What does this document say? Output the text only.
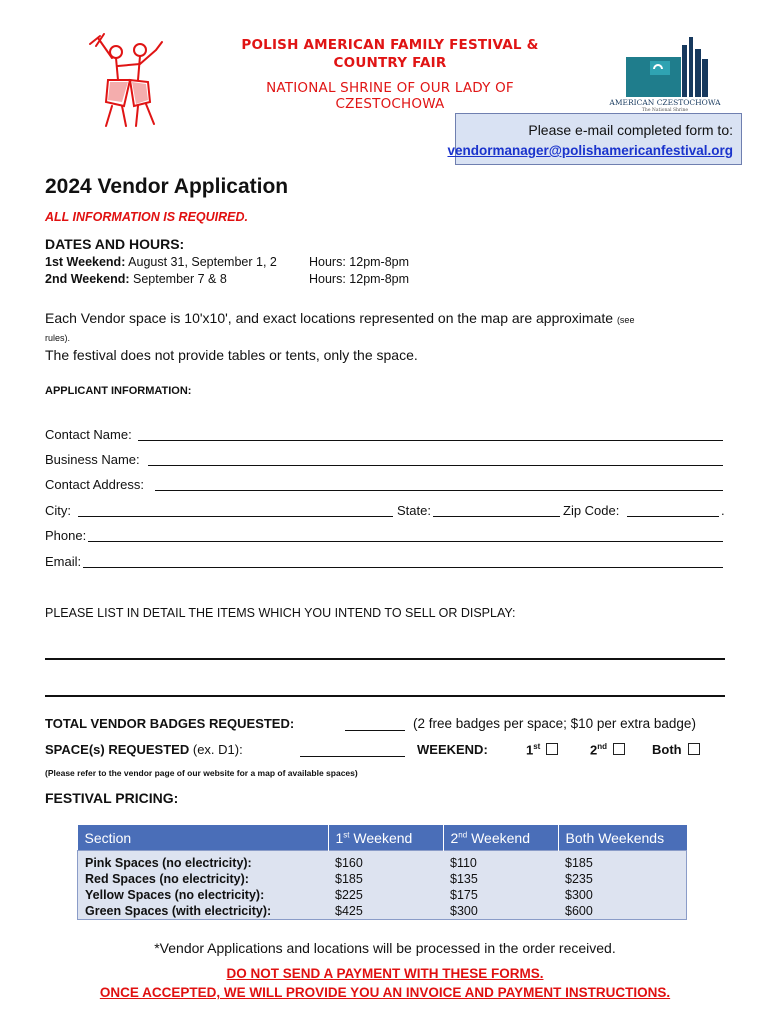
POLISH AMERICAN FAMILY FESTIVAL &
COUNTRY FAIR
NATIONAL SHRINE OF OUR LADY OF
CZESTOCHOWA	AMERICAN CZESTOCHOWA
The National Shrine
Please e-mail completed form to:
vendormanager@polishamericanfestival.org
2024 Vendor Application
ALL INFORMATION IS REQUIRED.
DATES AND HOURS:
1st Weekend: August 31, September 1, 2	Hours: 12pm-8pm
2nd Weekend: September 7 & 8	Hours: 12pm-8pm
Each Vendor space is 10'x10', and exact locations represented on the map are approximate (see
rules).
The festival does not provide tables or tents, only the space.
APPLICANT INFORMATION:
Contact Name:
Business Name:
Contact Address:
City:	State:	Zip Code:	.
Phone:
Email:
PLEASE LIST IN DETAIL THE ITEMS WHICH YOU INTEND TO SELL OR DISPLAY:
TOTAL VENDOR BADGES REQUESTED:	(2 free badges per space; $10 per extra badge)
SPACE(s) REQUESTED (ex. D1):	WEEKEND:	1st	2nd	Both
(Please refer to the vendor page of our website for a map of available spaces)
FESTIVAL PRICING:
Section	1st Weekend	2nd Weekend	Both Weekends

Pink Spaces (no electricity):	$160	$110	$185
Red Spaces (no electricity):	$185	$135	$235
Yellow Spaces (no electricity):	$225	$175	$300
Green Spaces (with electricity):	$425	$300	$600
*Vendor Applications and locations will be processed in the order received.
DO NOT SEND A PAYMENT WITH THESE FORMS.
ONCE ACCEPTED, WE WILL PROVIDE YOU AN INVOICE AND PAYMENT INSTRUCTIONS.
